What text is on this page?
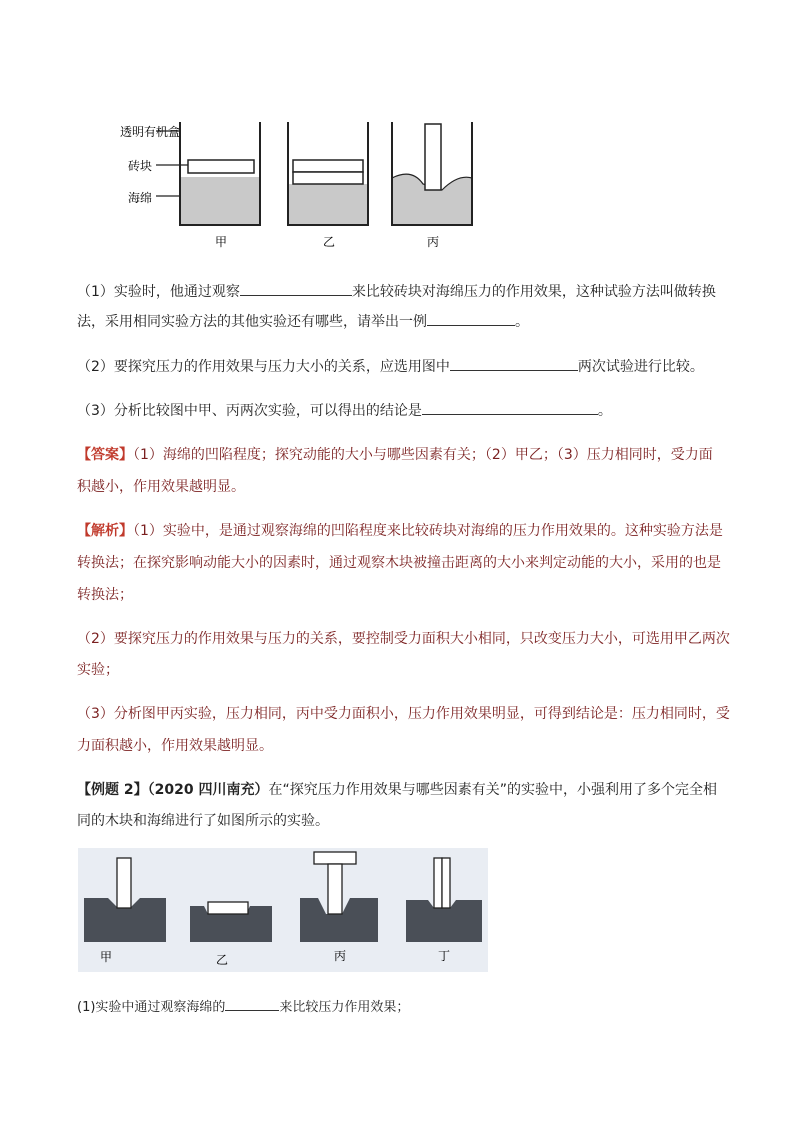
透明有机盒
砖块
海绵
甲	乙	丙
（1）实验时，他通过观察	来比较砖块对海绵压力的作用效果，这种试验方法叫做转换
法，采用相同实验方法的其他实验还有哪些，请举出一例	。
（2）要探究压力的作用效果与压力大小的关系，应选用图中	两次试验进行比较。
（3）分析比较图中甲、丙两次实验，可以得出的结论是	。
【答案】（1）海绵的凹陷程度；探究动能的大小与哪些因素有关；（2）甲乙；（3）压力相同时，受力面
积越小，作用效果越明显。
【解析】（1）实验中，是通过观察海绵的凹陷程度来比较砖块对海绵的压力作用效果的。这种实验方法是
转换法；在探究影响动能大小的因素时，通过观察木块被撞击距离的大小来判定动能的大小，采用的也是
转换法；
（2）要探究压力的作用效果与压力的关系，要控制受力面积大小相同，只改变压力大小，可选用甲乙两次
实验；
（3）分析图甲丙实验，压力相同，丙中受力面积小，压力作用效果明显，可得到结论是：压力相同时，受
力面积越小，作用效果越明显。
【例题 2】（2020 四川南充）在“探究压力作用效果与哪些因素有关”的实验中，小强利用了多个完全相
同的木块和海绵进行了如图所示的实验。
甲	乙	丙	丁
(1)实验中通过观察海绵的	来比较压力作用效果；
